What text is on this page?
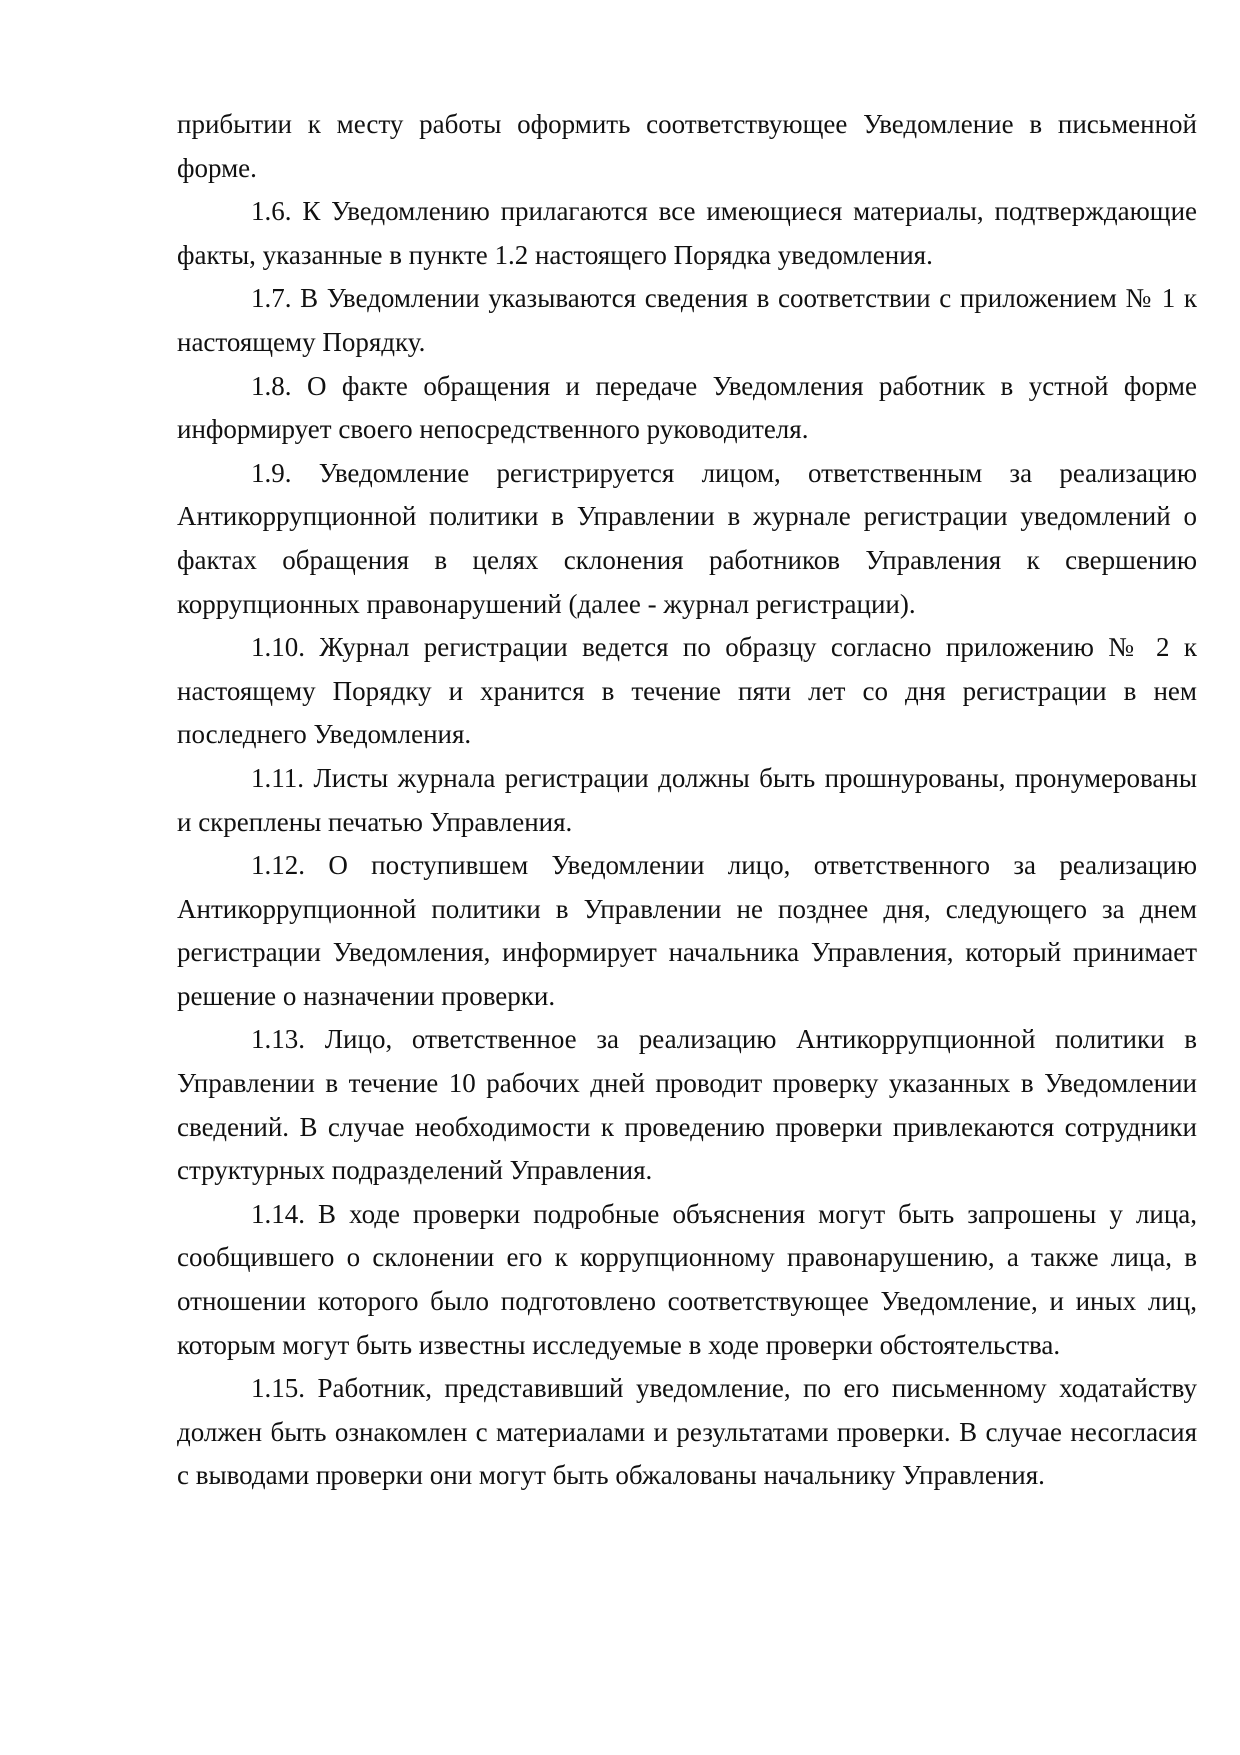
прибытии к месту работы оформить соответствующее Уведомление в письменной форме.

1.6. К Уведомлению прилагаются все имеющиеся материалы, подтверждающие факты, указанные в пункте 1.2 настоящего Порядка уведомления.

1.7. В Уведомлении указываются сведения в соответствии с приложением № 1 к настоящему Порядку.

1.8. О факте обращения и передаче Уведомления работник в устной форме информирует своего непосредственного руководителя.

1.9. Уведомление регистрируется лицом, ответственным за реализацию Антикоррупционной политики в Управлении в журнале регистрации уведомлений о фактах обращения в целях склонения работников Управления к свершению коррупционных правонарушений (далее - журнал регистрации).

1.10. Журнал регистрации ведется по образцу согласно приложению № 2 к настоящему Порядку и хранится в течение пяти лет со дня регистрации в нем последнего Уведомления.

1.11. Листы журнала регистрации должны быть прошнурованы, пронумерованы и скреплены печатью Управления.

1.12. О поступившем Уведомлении лицо, ответственного за реализацию Антикоррупционной политики в Управлении не позднее дня, следующего за днем регистрации Уведомления, информирует начальника Управления, который принимает решение о назначении проверки.

1.13. Лицо, ответственное за реализацию Антикоррупционной политики в Управлении в течение 10 рабочих дней проводит проверку указанных в Уведомлении сведений. В случае необходимости к проведению проверки привлекаются сотрудники структурных подразделений Управления.

1.14. В ходе проверки подробные объяснения могут быть запрошены у лица, сообщившего о склонении его к коррупционному правонарушению, а также лица, в отношении которого было подготовлено соответствующее Уведомление, и иных лиц, которым могут быть известны исследуемые в ходе проверки обстоятельства.

1.15. Работник, представивший уведомление, по его письменному ходатайству должен быть ознакомлен с материалами и результатами проверки. В случае несогласия с выводами проверки они могут быть обжалованы начальнику Управления.
